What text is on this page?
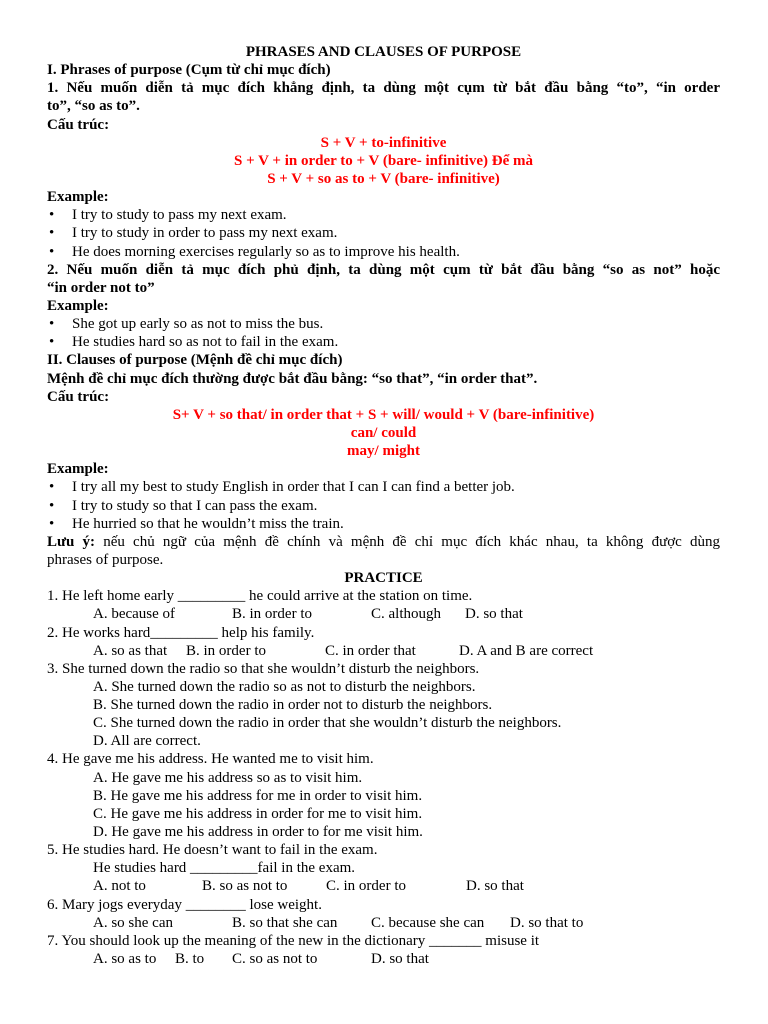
PHRASES AND CLAUSES OF PURPOSE
I. Phrases of purpose (Cụm từ chỉ mục đích)
1. Nếu muốn diễn tả mục đích khẳng định, ta dùng một cụm từ bắt đầu bằng “to”, “in order
to”, “so as to”.
Cấu trúc:
S + V + to-infinitive
S + V + in order to + V (bare- infinitive) Để mà
S + V + so as to + V (bare- infinitive)
Example:
• I try to study to pass my next exam.
• I try to study in order to pass my next exam.
• He does morning exercises regularly so as to improve his health.
2. Nếu muốn diễn tả mục đích phủ định, ta dùng một cụm từ bắt đầu bằng “so as not” hoặc
“in order not to”
Example:
• She got up early so as not to miss the bus.
• He studies hard so as not to fail in the exam.
II. Clauses of purpose (Mệnh đề chỉ mục đích)
Mệnh đề chỉ mục đích thường được bắt đầu bằng: “so that”, “in order that”.
Cấu trúc:
S+ V + so that/ in order that + S + will/ would + V (bare-infinitive)
can/ could
may/ might
Example:
• I try all my best to study English in order that I can I can find a better job.
• I try to study so that I can pass the exam.
• He hurried so that he wouldn’t miss the train.
Lưu ý: nếu chủ ngữ của mệnh đề chính và mệnh đề chỉ mục đích khác nhau, ta không được dùng
phrases of purpose.
PRACTICE
1. He left home early _________ he could arrive at the station on time.
A. because of	B. in order to	C. although D. so that
2. He works hard_________ help his family.
A. so as that B. in order to	C. in order that	D. A and B are correct
3. She turned down the radio so that she wouldn’t disturb the neighbors.
A. She turned down the radio so as not to disturb the neighbors.
B. She turned down the radio in order not to disturb the neighbors.
C. She turned down the radio in order that she wouldn’t disturb the neighbors.
D. All are correct.
4. He gave me his address. He wanted me to visit him.
A. He gave me his address so as to visit him.
B. He gave me his address for me in order to visit him.
C. He gave me his address in order for me to visit him.
D. He gave me his address in order to for me visit him.
5. He studies hard. He doesn’t want to fail in the exam.
He studies hard _________fail in the exam.
A. not to	B. so as not to	C. in order to	D. so that
6. Mary jogs everyday ________ lose weight.
A. so she can	B. so that she can C. because she can D. so that to
7. You should look up the meaning of the new in the dictionary _______ misuse it
A. so as to B. to C. so as not to	D. so that
